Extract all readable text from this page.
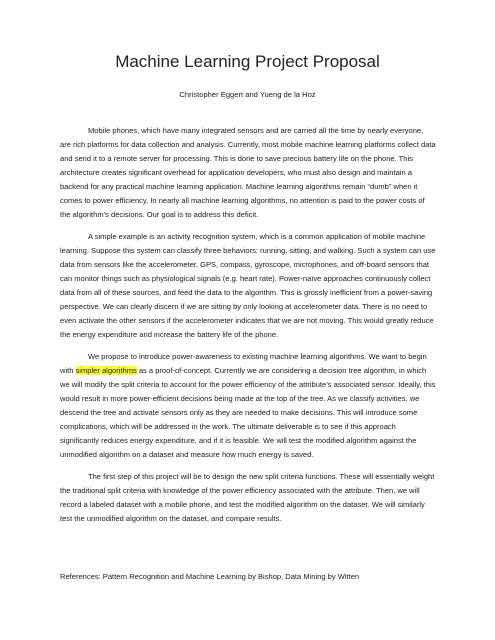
Machine Learning Project Proposal
Christopher Eggert and Yueng de la Hoz

Mobile phones, which have many integrated sensors and are carried all the time by nearly everyone, are rich platforms for data collection and analysis. Currently, most mobile machine learning platforms collect data and send it to a remote server for processing. This is done to save precious battery life on the phone. This architecture creates significant overhead for application developers, who must also design and maintain a backend for any practical machine learning application. Machine learning algorithms remain “dumb” when it comes to power efficiency. In nearly all machine learning algorithms, no attention is paid to the power costs of the algorithm’s decisions. Our goal is to address this deficit.

A simple example is an activity recognition system, which is a common application of mobile machine learning. Suppose this system can classify three behaviors: running, sitting, and walking. Such a system can use data from sensors like the accelerometer, GPS, compass, gyroscope, microphones, and off-board sensors that can monitor things such as physiological signals (e.g. heart rate). Power-naïve approaches continuously collect data from all of these sources, and feed the data to the algorithm. This is grossly inefficient from a power-saving perspective. We can clearly discern if we are sitting by only looking at accelerometer data. There is no need to even activate the other sensors if the accelerometer indicates that we are not moving. This would greatly reduce the energy expenditure and increase the battery life of the phone.

We propose to introduce power-awareness to existing machine learning algorithms. We want to begin with simpler algorithms as a proof-of-concept. Currently we are considering a decision tree algorithm, in which we will modify the split criteria to account for the power efficiency of the attribute’s associated sensor. Ideally, this would result in more power-efficient decisions being made at the top of the tree. As we classify activities, we descend the tree and activate sensors only as they are needed to make decisions. This will introduce some complications, which will be addressed in the work. The ultimate deliverable is to see if this approach significantly reduces energy expenditure, and if it is feasible. We will test the modified algorithm against the unmodified algorithm on a dataset and measure how much energy is saved.

The first step of this project will be to design the new split criteria functions. These will essentially weight the traditional split criteria with knowledge of the power efficiency associated with the attribute. Then, we will record a labeled dataset with a mobile phone, and test the modified algorithm on the dataset. We will similarly test the unmodified algorithm on the dataset, and compare results.

References: Pattern Recognition and Machine Learning by Bishop, Data Mining by Witten
